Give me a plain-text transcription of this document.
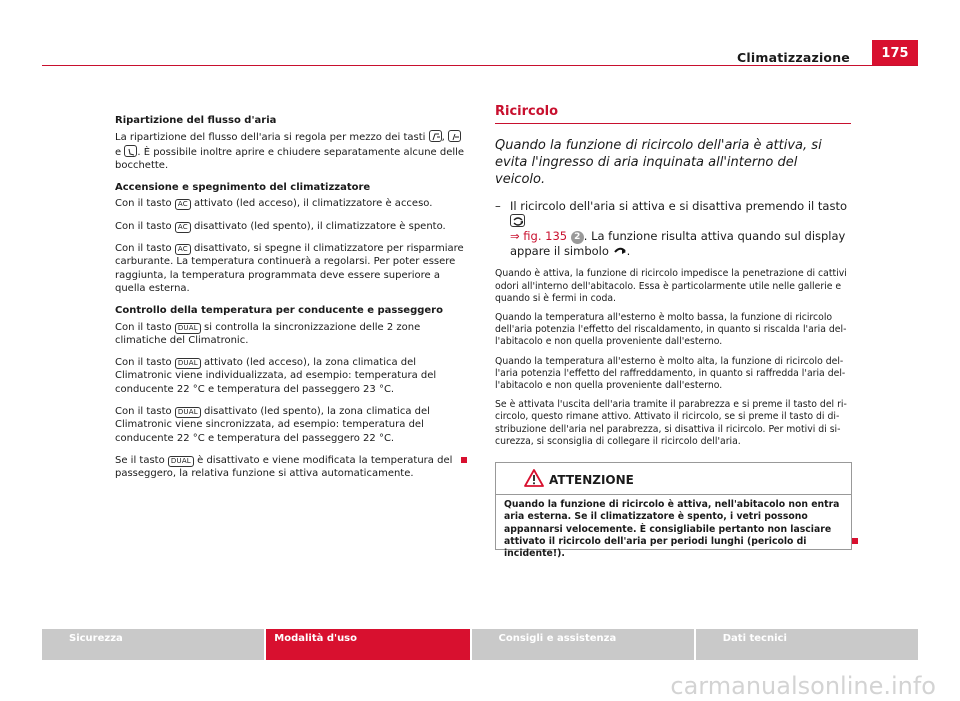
Climatizzazione	175

Ripartizione del flusso d'aria

La ripartizione del flusso dell'aria si regola per mezzo dei tasti ,
e . È possibile inoltre aprire e chiudere separatamente alcune delle bocchette.

Accensione e spegnimento del climatizzatore

Con il tasto AC attivato (led acceso), il climatizzatore è acceso.

Con il tasto AC disattivato (led spento), il climatizzatore è spento.

Con il tasto AC disattivato, si spegne il climatizzatore per risparmiare carburante. La temperatura continuerà a regolarsi. Per poter essere raggiunta, la temperatura programmata deve essere superiore a quella esterna.

Controllo della temperatura per conducente e passeggero

Con il tasto DUAL si controlla la sincronizzazione delle 2 zone climatiche del Climatronic.

Con il tasto DUAL attivato (led acceso), la zona climatica del Climatronic viene individualizzata, ad esempio: temperatura del conducente 22 °C e temperatura del passeggero 23 °C.

Con il tasto DUAL disattivato (led spento), la zona climatica del Climatronic viene sincronizzata, ad esempio: temperatura del conducente 22 °C e temperatura del passeggero 22 °C.

Se il tasto DUAL è disattivato e viene modificata la temperatura del passeggero, la relativa funzione si attiva automaticamente.

Ricircolo
Quando la funzione di ricircolo dell'aria è attiva, si evita l'ingresso di aria inquinata all'interno del veicolo.
– Il ricircolo dell'aria si attiva e si disattiva premendo il tasto

⇒ fig. 135 2 . La funzione risulta attiva quando sul display appare il simbolo .

Quando è attiva, la funzione di ricircolo impedisce la penetrazione di cattivi odori all'interno dell'abitacolo. Essa è particolarmente utile nelle gallerie e quando si è fermi in coda.

Quando la temperatura all'esterno è molto bassa, la funzione di ricircolo dell'aria potenzia l'effetto del riscaldamento, in quanto si riscalda l'aria dell'abitacolo e non quella proveniente dall'esterno.

Quando la temperatura all'esterno è molto alta, la funzione di ricircolo dell'aria potenzia l'effetto del raffreddamento, in quanto si raffredda l'aria dell'abitacolo e non quella proveniente dall'esterno.

Se è attivata l'uscita dell'aria tramite il parabrezza e si preme il tasto del ricircolo, questo rimane attivo. Attivato il ricircolo, se si preme il tasto di distribuzione dell'aria nel parabrezza, si disattiva il ricircolo. Per motivi di sicurezza, si sconsiglia di collegare il ricircolo dell'aria.

ATTENZIONE
Quando la funzione di ricircolo è attiva, nell'abitacolo non entra aria esterna. Se il climatizzatore è spento, i vetri possono appannarsi velocemente. È consigliabile pertanto non lasciare attivato il ricircolo dell'aria per periodi lunghi (pericolo di incidente!).
Sicurezza	Modalità d'uso	Consigli e assistenza	Dati tecnici
carmanualsonline.info
